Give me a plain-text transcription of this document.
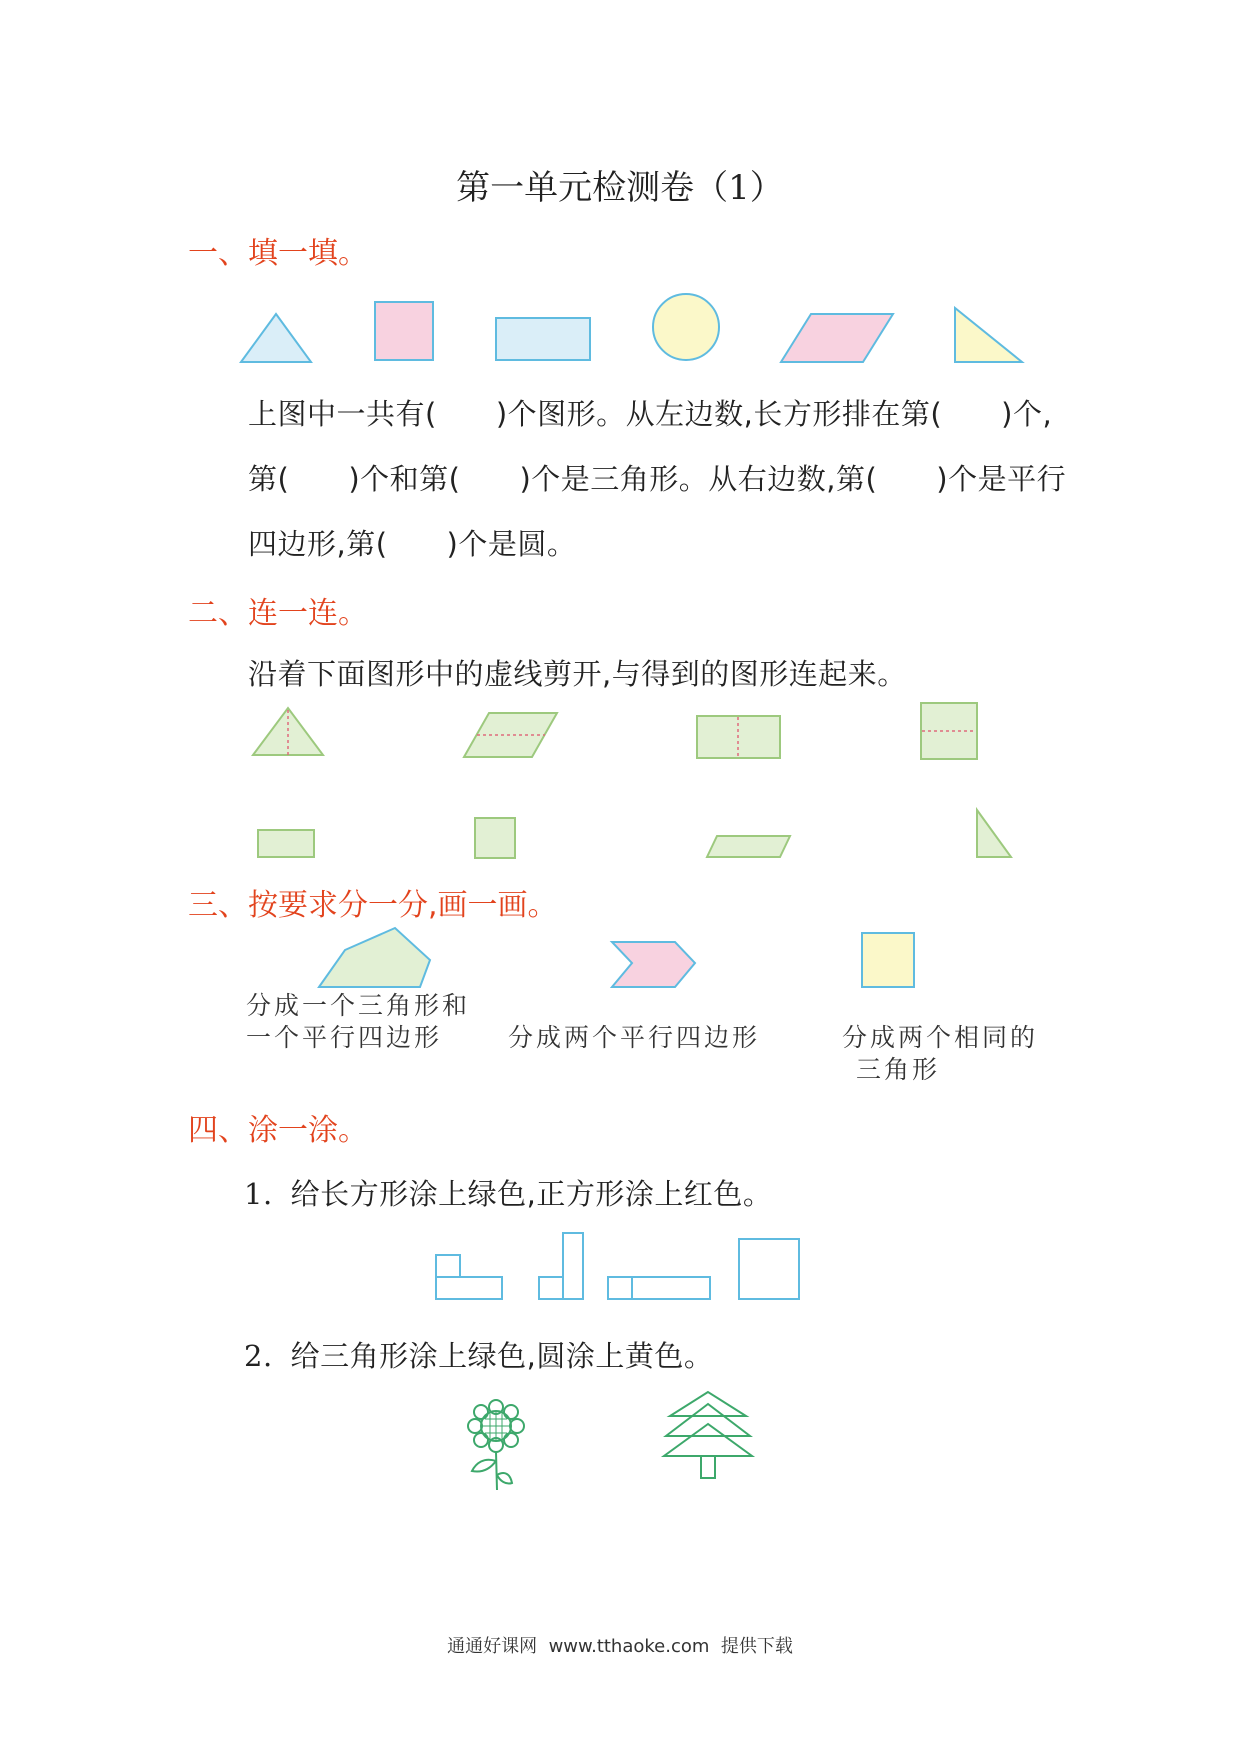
第一单元检测卷（1）
一、填一填。
上图中一共有(　　)个图形。从左边数,长方形排在第(　　)个,
第(　　)个和第(　　)个是三角形。从右边数,第(　　)个是平行
四边形,第(　　)个是圆。
二、连一连。
沿着下面图形中的虚线剪开,与得到的图形连起来。
三、按要求分一分,画一画。
分成一个三角形和
一个平行四边形	分成两个平行四边形	分成两个相同的
三角形
四、涂一涂。
1. 给长方形涂上绿色,正方形涂上红色。
2. 给三角形涂上绿色,圆涂上黄色。
通通好课网 www.tthaoke.com 提供下载
